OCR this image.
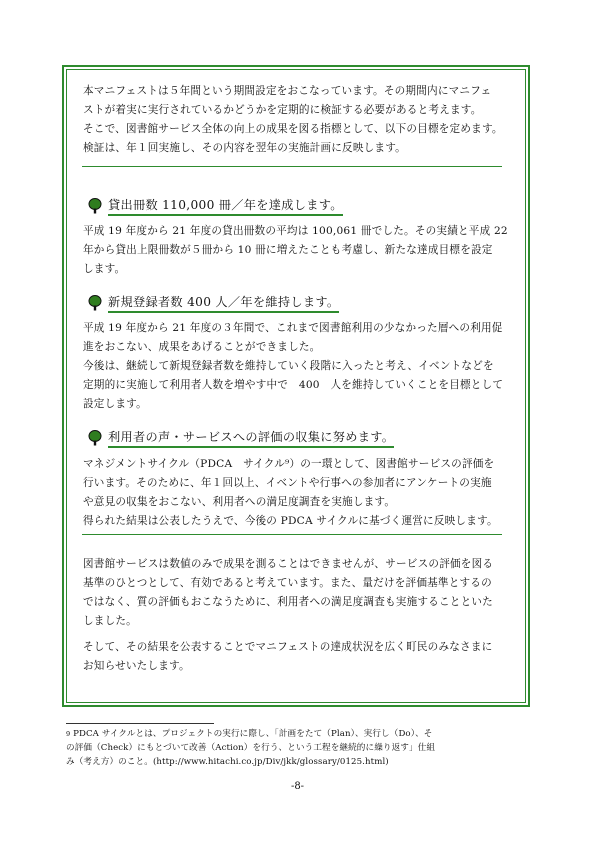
本マニフェストは５年間という期間設定をおこなっています。その期間内にマニフェ

ストが着実に実行されているかどうかを定期的に検証する必要があると考えます。

そこで、図書館サービス全体の向上の成果を図る指標として、以下の目標を定めます。

検証は、年１回実施し、その内容を翌年の実施計画に反映します。

貸出冊数 110,000 冊／年を達成します。

平成 19 年度から 21 年度の貸出冊数の平均は 100,061 冊でした。その実績と平成 22

年から貸出上限冊数が５冊から 10 冊に増えたことも考慮し、新たな達成目標を設定

します。

新規登録者数 400 人／年を維持します。

平成 19 年度から 21 年度の３年間で、これまで図書館利用の少なかった層への利用促

進をおこない、成果をあげることができました。

今後は、継続して新規登録者数を維持していく段階に入ったと考え、イベントなどを

定期的に実施して利用者人数を増やす中で　400　人を維持していくことを目標として

設定します。

利用者の声・サービスへの評価の収集に努めます。

マネジメントサイクル（PDCA　サイクル⁹）の一環として、図書館サービスの評価を

行います。そのために、年１回以上、イベントや行事への参加者にアンケートの実施

や意見の収集をおこない、利用者への満足度調査を実施します。

得られた結果は公表したうえで、今後の PDCA サイクルに基づく運営に反映します。

図書館サービスは数値のみで成果を測ることはできませんが、サービスの評価を図る

基準のひとつとして、有効であると考えています。また、量だけを評価基準とするの

ではなく、質の評価もおこなうために、利用者への満足度調査も実施することといた

しました。

そして、その結果を公表することでマニフェストの達成状況を広く町民のみなさまに

お知らせいたします。

$^9$ PDCA サイクルとは、プロジェクトの実行に際し、「計画をたて（Plan）、実行し（Do）、そ

の評価（Check）にもとづいて改善（Action）を行う、という工程を継続的に繰り返す」仕組

み（考え方）のこと。(http://www.hitachi.co.jp/Div/jkk/glossary/0125.html)

-8-
